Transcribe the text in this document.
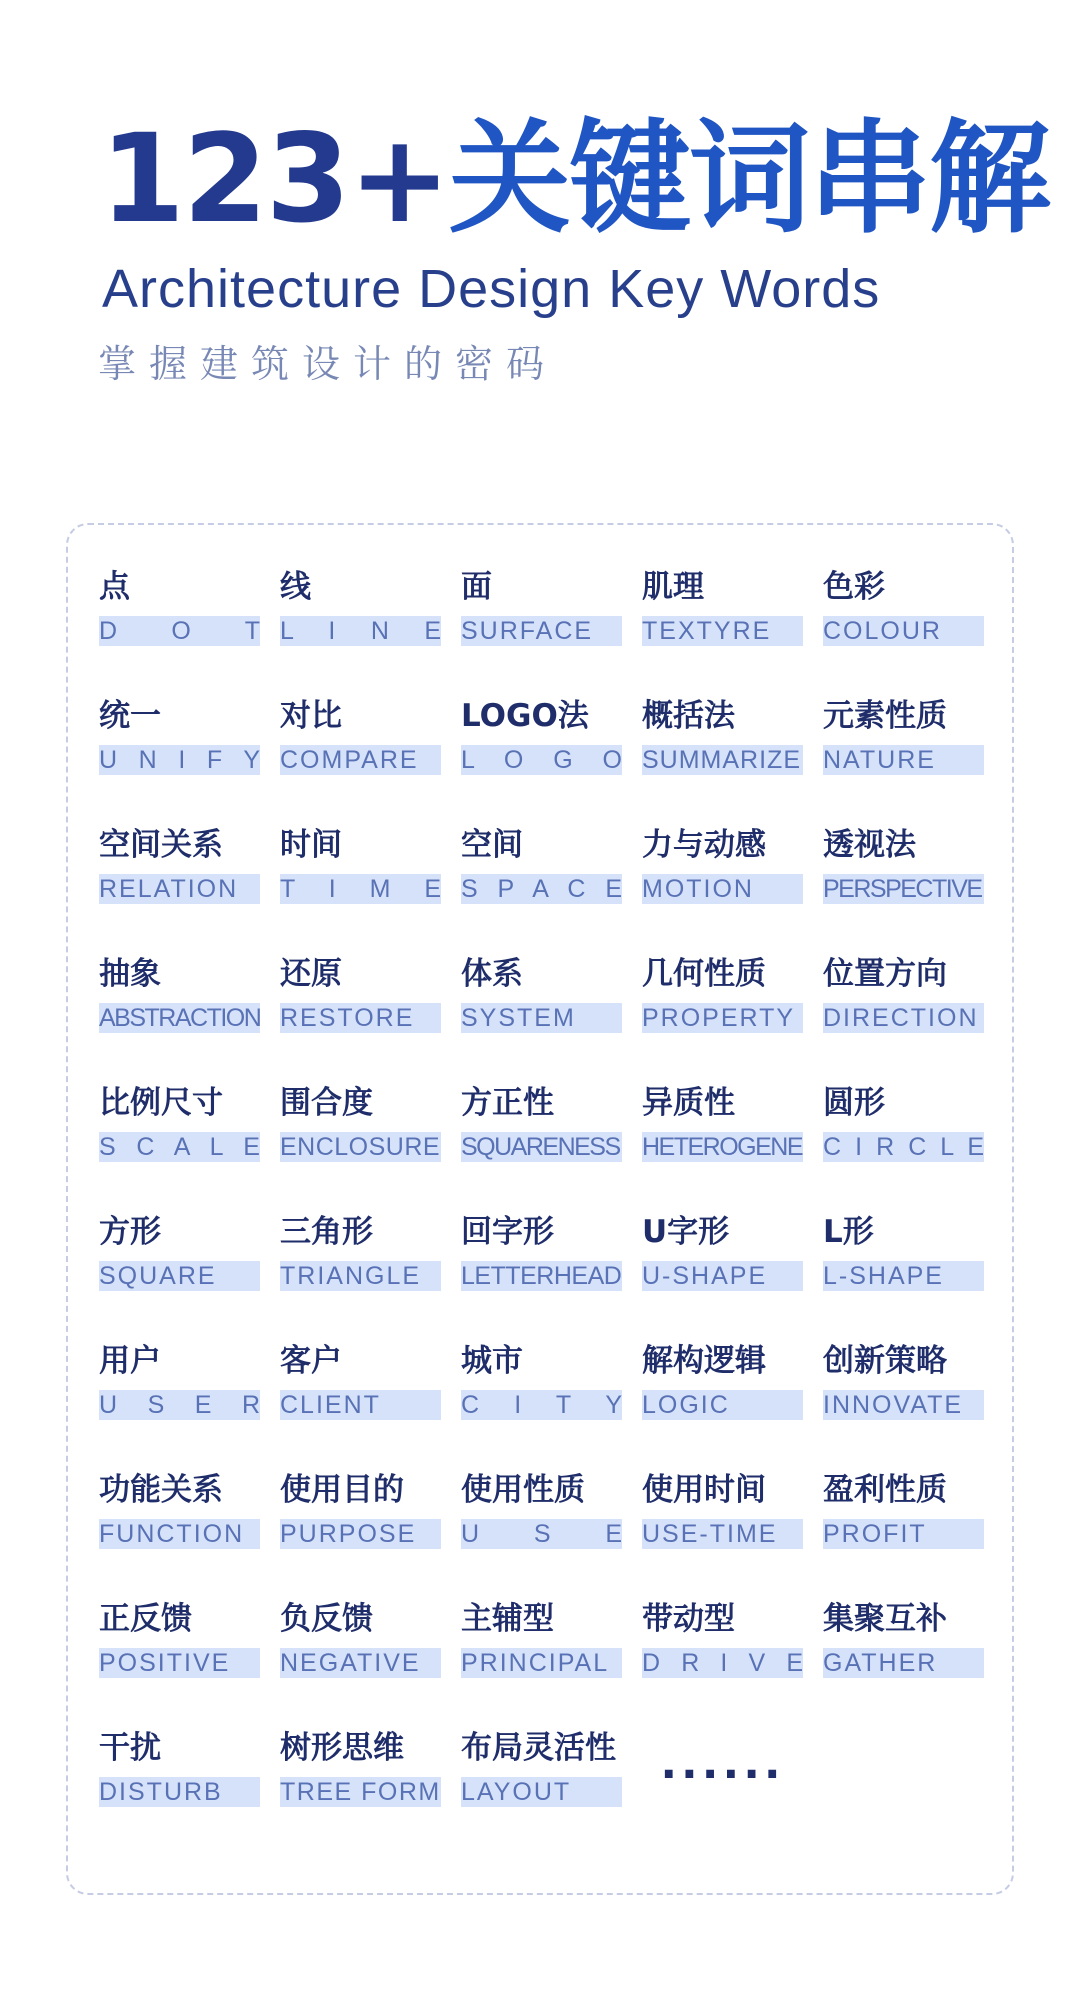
123+关键词串解

Architecture Design Key Words

掌握建筑设计的密码

点
D O T
线
L I N E
面
SURFACE
肌理
TEXTYRE
色彩
COLOUR
统一
U N I F Y
对比
COMPARE
LOGO法
L O G O
概括法
SUMMARIZE
元素性质
NATURE
空间关系
RELATION
时间
T I M E
空间
S P A C E
力与动感
MOTION
透视法
PERSPECTIVE
抽象
ABSTRACTION
还原
RESTORE
体系
SYSTEM
几何性质
PROPERTY
位置方向
DIRECTION
比例尺寸
S C A L E
围合度
ENCLOSURE
方正性
SQUARENESS
异质性
HETEROGENE
圆形
C I R C L E
方形
SQUARE
三角形
TRIANGLE
回字形
LETTERHEAD
U字形
U-SHAPE
L形
L-SHAPE
用户
U S E R
客户
CLIENT
城市
C I T Y
解构逻辑
LOGIC
创新策略
INNOVATE
功能关系
FUNCTION
使用目的
PURPOSE
使用性质
U S E
使用时间
USE-TIME
盈利性质
PROFIT
正反馈
POSITIVE
负反馈
NEGATIVE
主辅型
PRINCIPAL
带动型
D R I V E
集聚互补
GATHER
干扰
DISTURB
树形思维
TREE FORM
布局灵活性
LAYOUT	······
